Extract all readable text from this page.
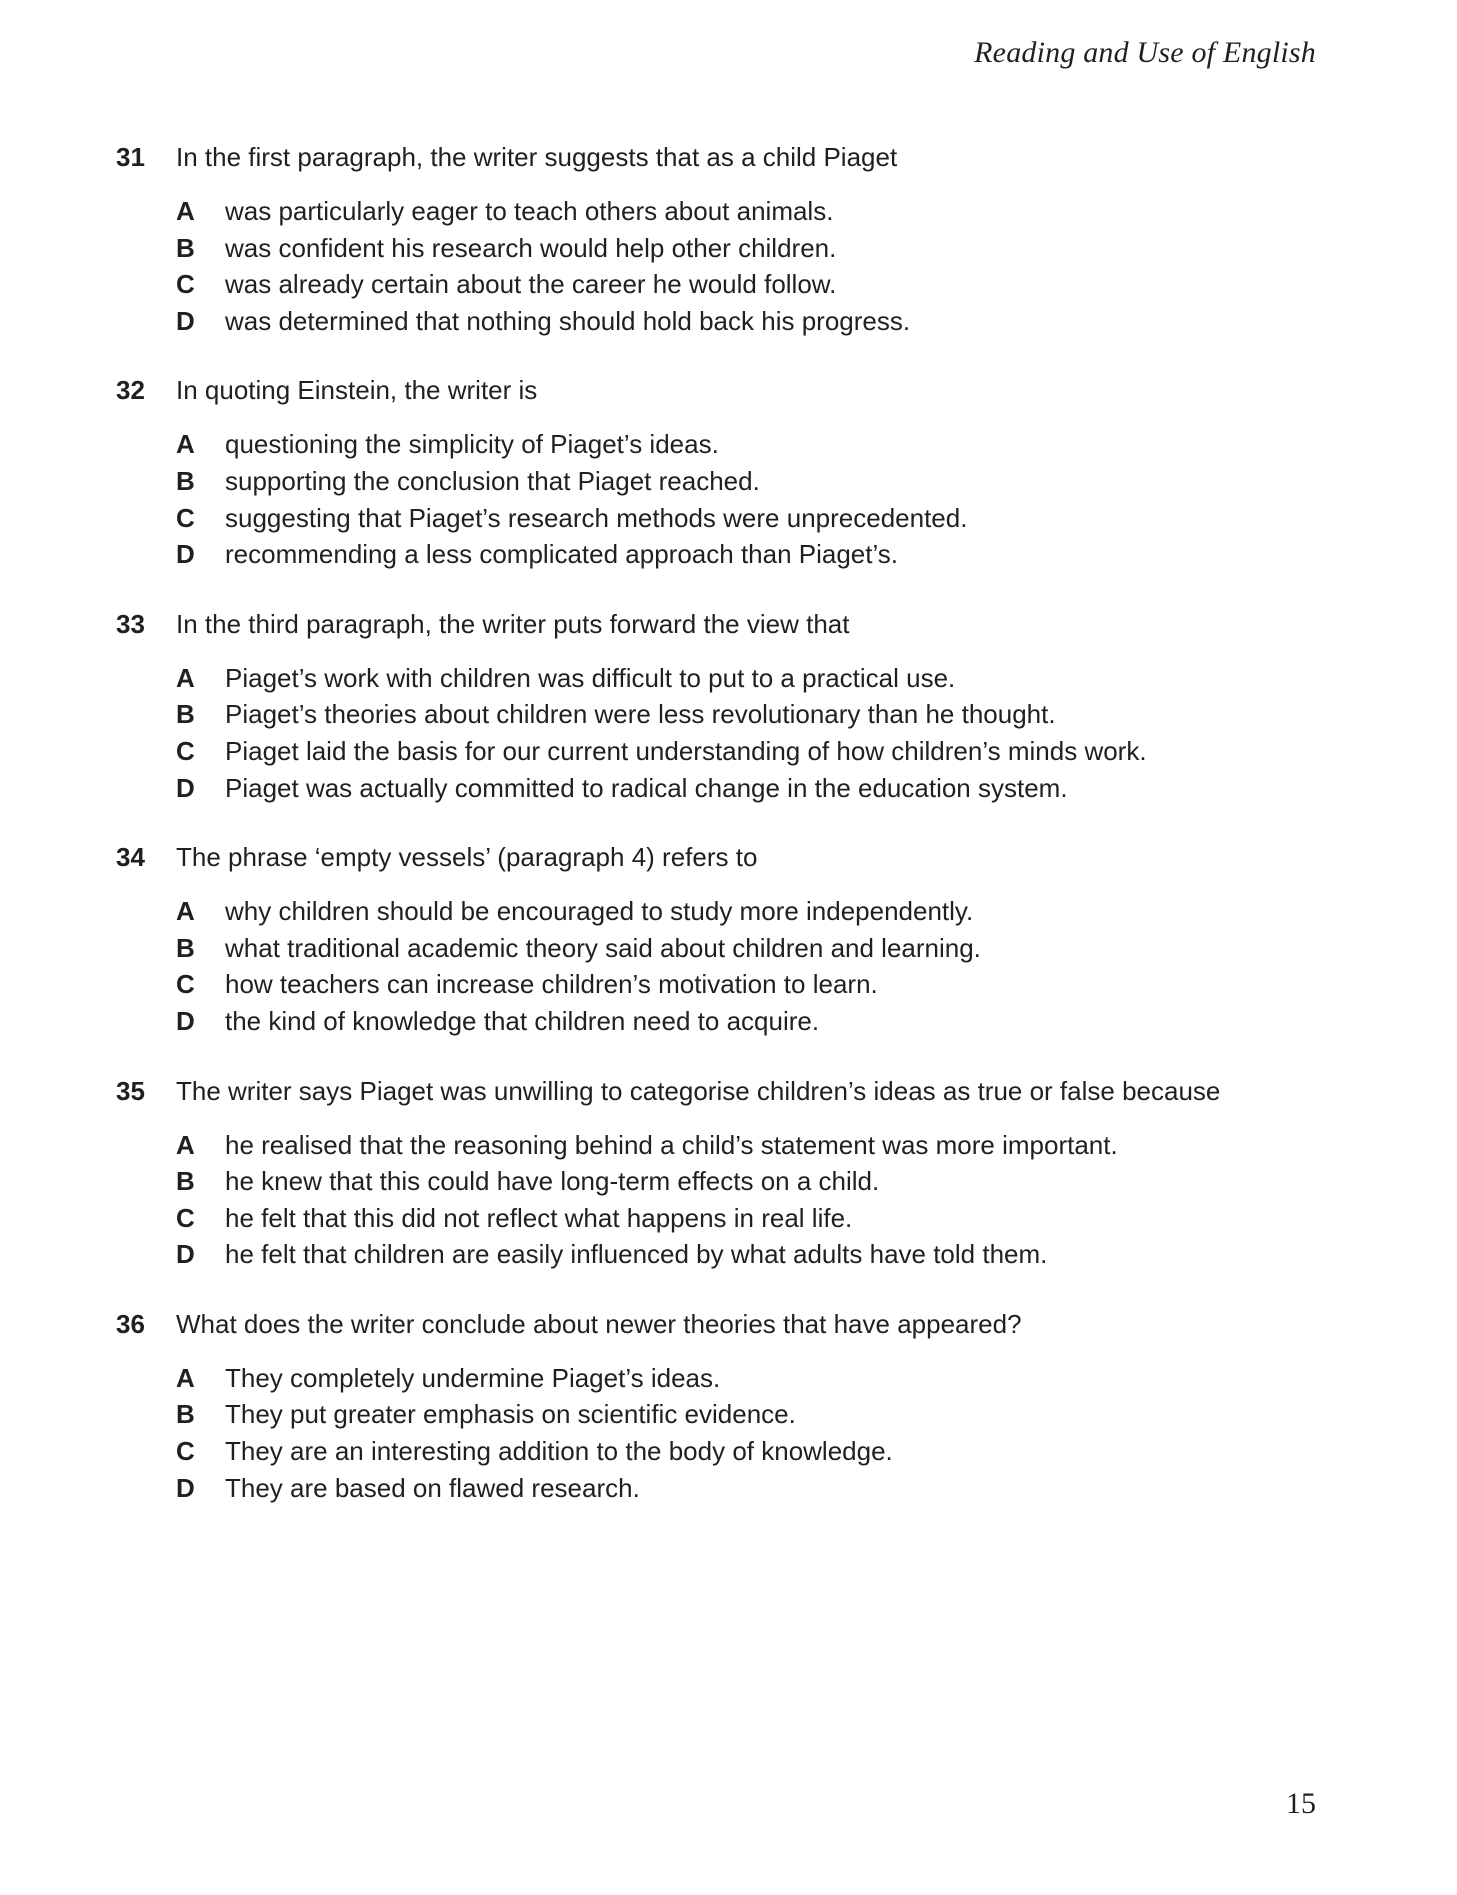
Reading and Use of English
31	In the first paragraph, the writer suggests that as a child Piaget
A	was particularly eager to teach others about animals.
B	was confident his research would help other children.
C	was already certain about the career he would follow.
D	was determined that nothing should hold back his progress.
32	In quoting Einstein, the writer is
A	questioning the simplicity of Piaget’s ideas.
B	supporting the conclusion that Piaget reached.
C	suggesting that Piaget’s research methods were unprecedented.
D	recommending a less complicated approach than Piaget’s.
33	In the third paragraph, the writer puts forward the view that
A	Piaget’s work with children was difficult to put to a practical use.
B	Piaget’s theories about children were less revolutionary than he thought.
C	Piaget laid the basis for our current understanding of how children’s minds work.
D	Piaget was actually committed to radical change in the education system.
34	The phrase ‘empty vessels’ (paragraph 4) refers to
A	why children should be encouraged to study more independently.
B	what traditional academic theory said about children and learning.
C	how teachers can increase children’s motivation to learn.
D	the kind of knowledge that children need to acquire.
35	The writer says Piaget was unwilling to categorise children’s ideas as true or false because
A	he realised that the reasoning behind a child’s statement was more important.
B	he knew that this could have long-term effects on a child.
C	he felt that this did not reflect what happens in real life.
D	he felt that children are easily influenced by what adults have told them.
36	What does the writer conclude about newer theories that have appeared?
A	They completely undermine Piaget’s ideas.
B	They put greater emphasis on scientific evidence.
C	They are an interesting addition to the body of knowledge.
D	They are based on flawed research.
15
